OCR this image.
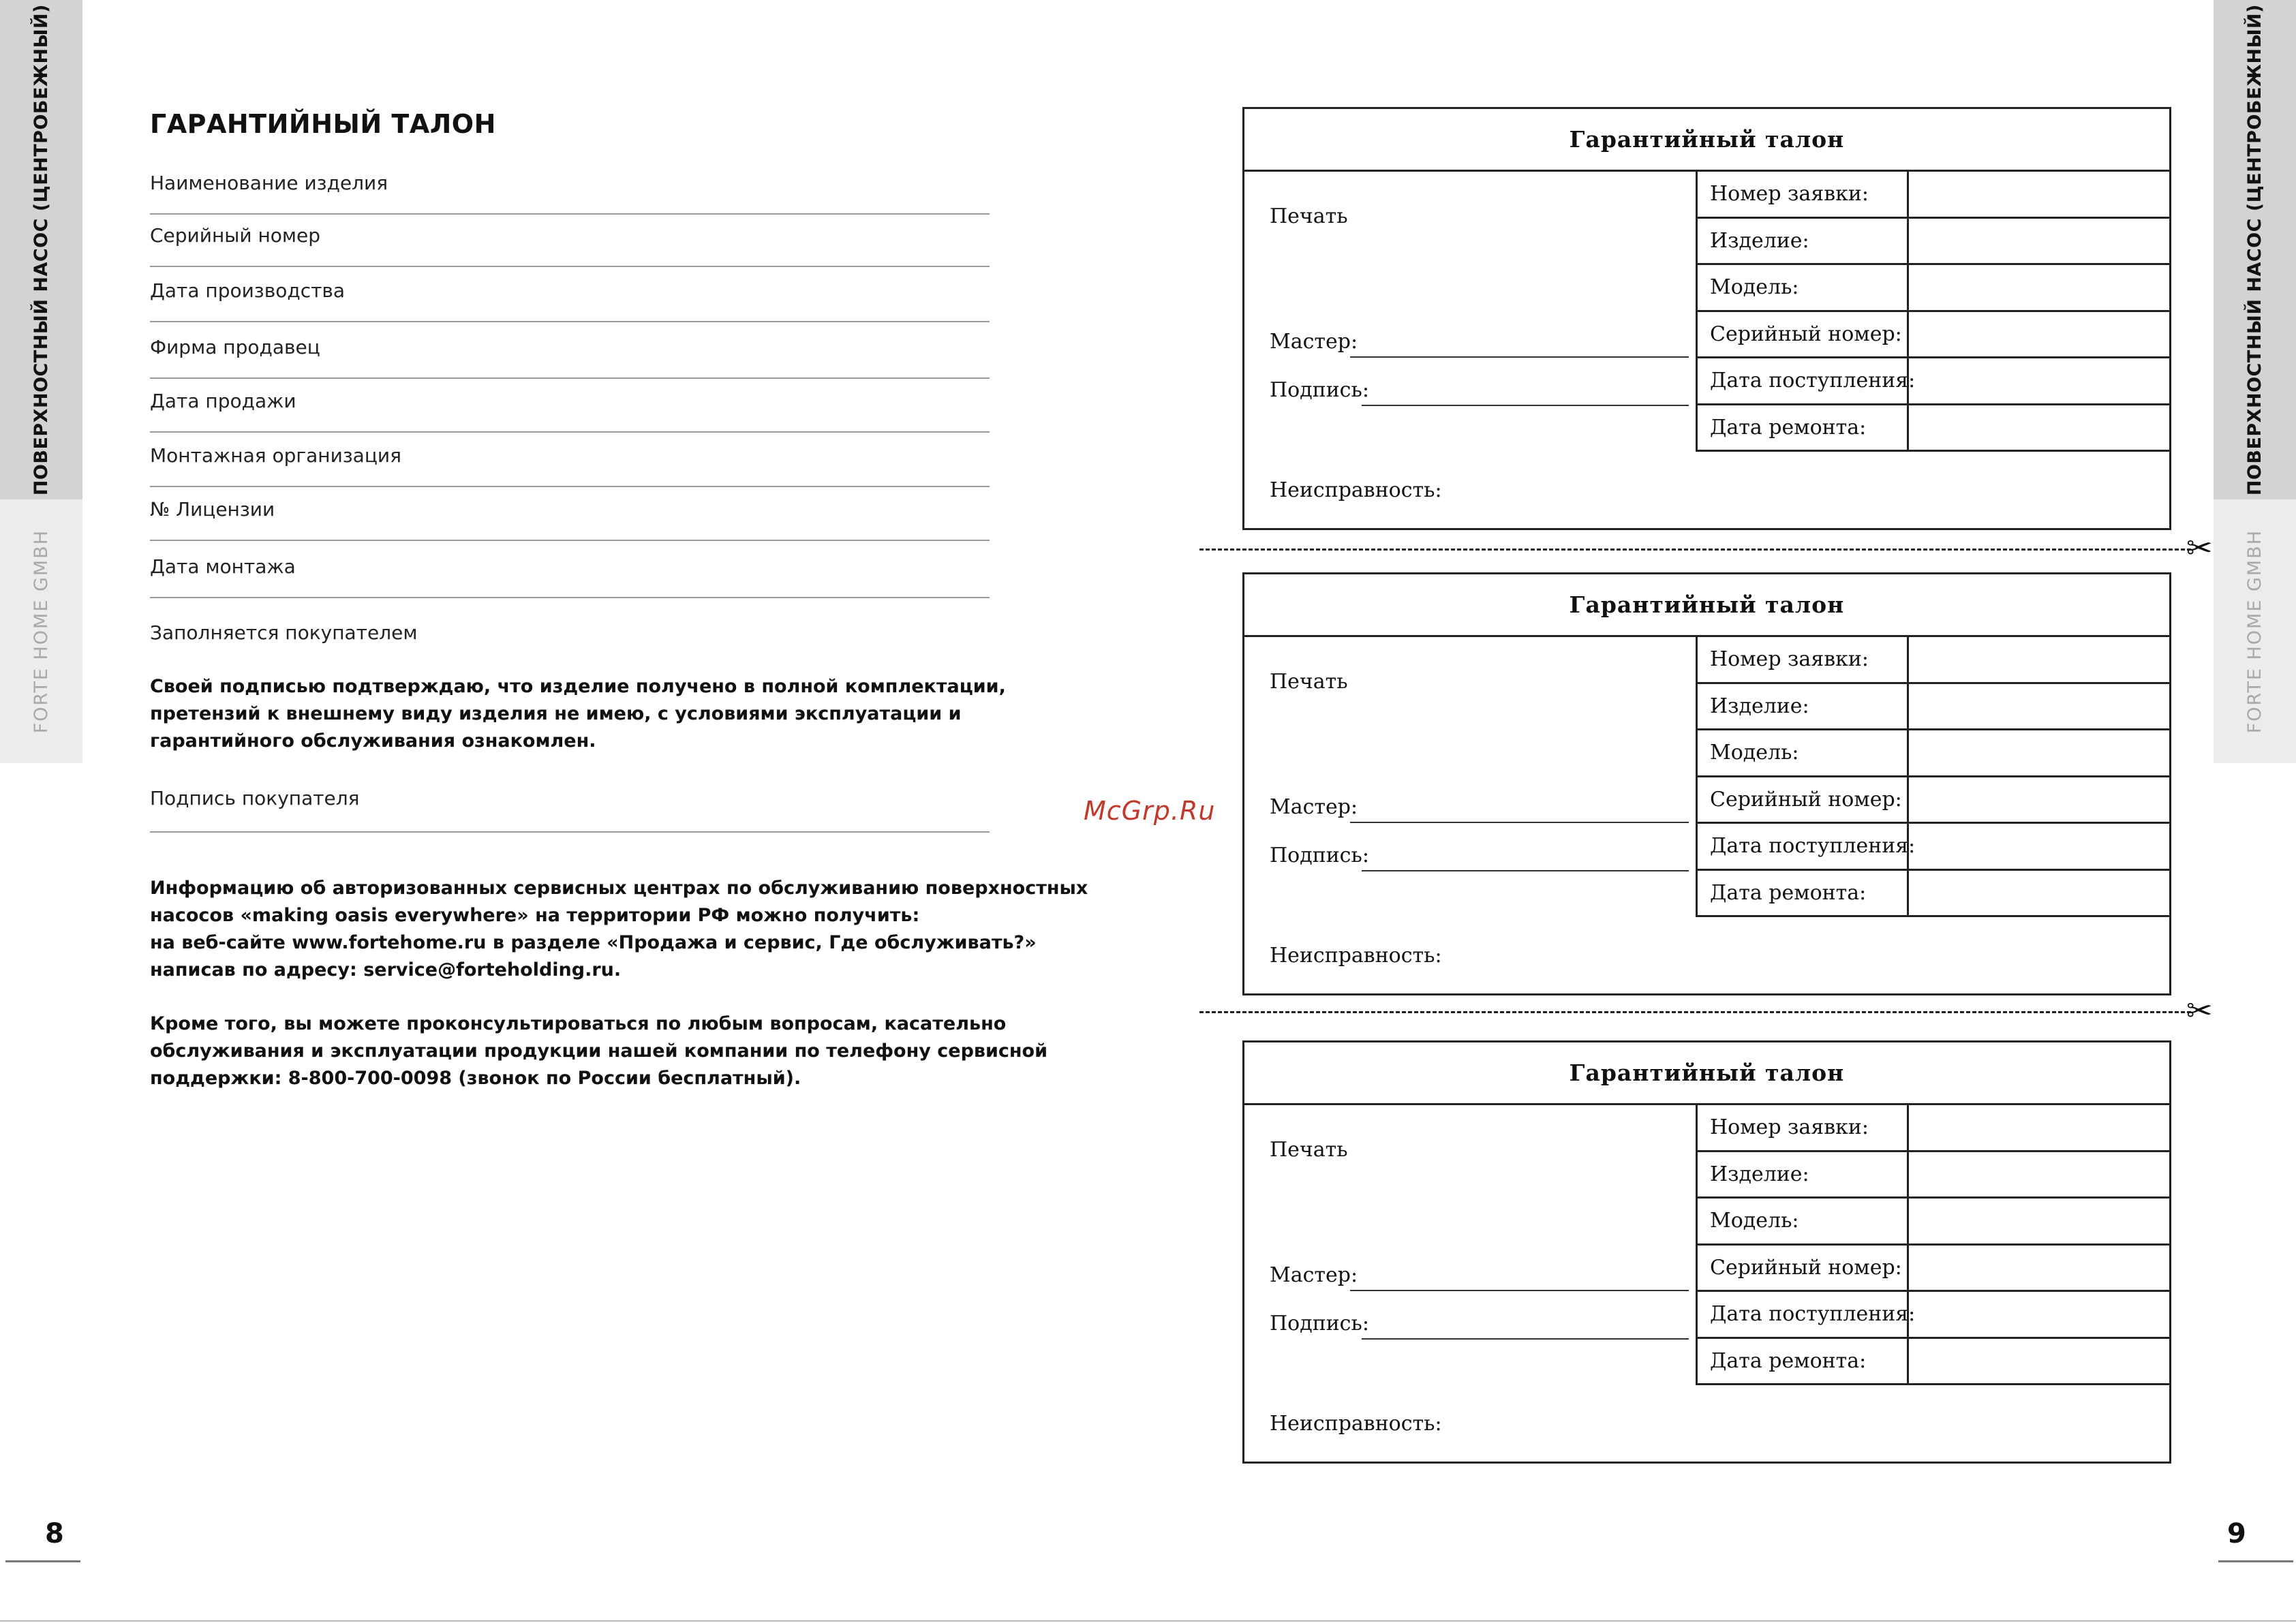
ПОВЕРХНОСТНЫЙ НАСОС (ЦЕНТРОБЕЖНЫЙ)
FORTE HOME GMBH
ПОВЕРХНОСТНЫЙ НАСОС (ЦЕНТРОБЕЖНЫЙ)
FORTE HOME GMBH
ГАРАНТИЙНЫЙ ТАЛОН
Наименование изделия
Серийный номер
Дата производства
Фирма продавец
Дата продажи
Монтажная организация
№ Лицензии
Дата монтажа
Заполняется покупателем
Своей подписью подтверждаю, что изделие получено в полной комплектации,
претензий к внешнему виду изделия не имею, с условиями эксплуатации и
гарантийного обслуживания ознакомлен.
Подпись покупателя
Информацию об авторизованных сервисных центрах по обслуживанию поверхностных
насосов «making oasis everywhere» на территории РФ можно получить:
на веб-сайте www.fortehome.ru в разделе «Продажа и сервис, Где обслуживать?»
написав по адресу: service@forteholding.ru.
Кроме того, вы можете проконсультироваться по любым вопросам, касательно
обслуживания и эксплуатации продукции нашей компании по телефону сервисной
поддержки: 8-800-700-0098 (звонок по России бесплатный).
8	9
McGrp.Ru
Гарантийный талон
Печать
Мастер:
Подпись:
Номер заявки:
Изделие:
Модель:
Серийный номер:
Дата поступления:
Дата ремонта:
Неисправность:
✂
Гарантийный талон
Печать
Мастер:
Подпись:
Номер заявки:
Изделие:
Модель:
Серийный номер:
Дата поступления:
Дата ремонта:
Неисправность:
✂
Гарантийный талон
Печать
Мастер:
Подпись:
Номер заявки:
Изделие:
Модель:
Серийный номер:
Дата поступления:
Дата ремонта:
Неисправность:
